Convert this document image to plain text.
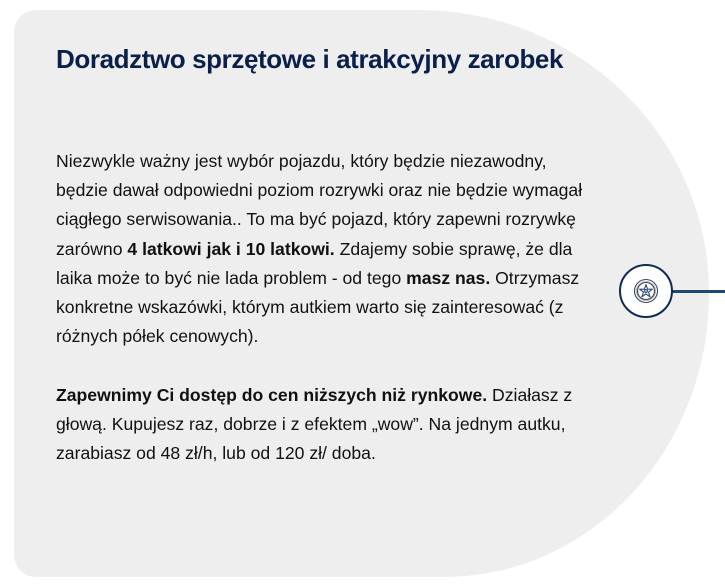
Doradztwo sprzętowe i atrakcyjny zarobek

Niezwykle ważny jest wybór pojazdu, który będzie niezawodny, będzie dawał odpowiedni poziom rozrywki oraz nie będzie wymagał ciągłego serwisowania.. To ma być pojazd, który zapewni rozrywkę zarówno 4 latkowi jak i 10 latkowi. Zdajemy sobie sprawę, że dla laika może to być nie lada problem - od tego masz nas. Otrzymasz konkretne wskazówki, którym autkiem warto się zainteresować (z różnych półek cenowych).

Zapewnimy Ci dostęp do cen niższych niż rynkowe. Działasz z głową. Kupujesz raz, dobrze i z efektem „wow”. Na jednym autku, zarabiasz od 48 zł/h, lub od 120 zł/ doba.
